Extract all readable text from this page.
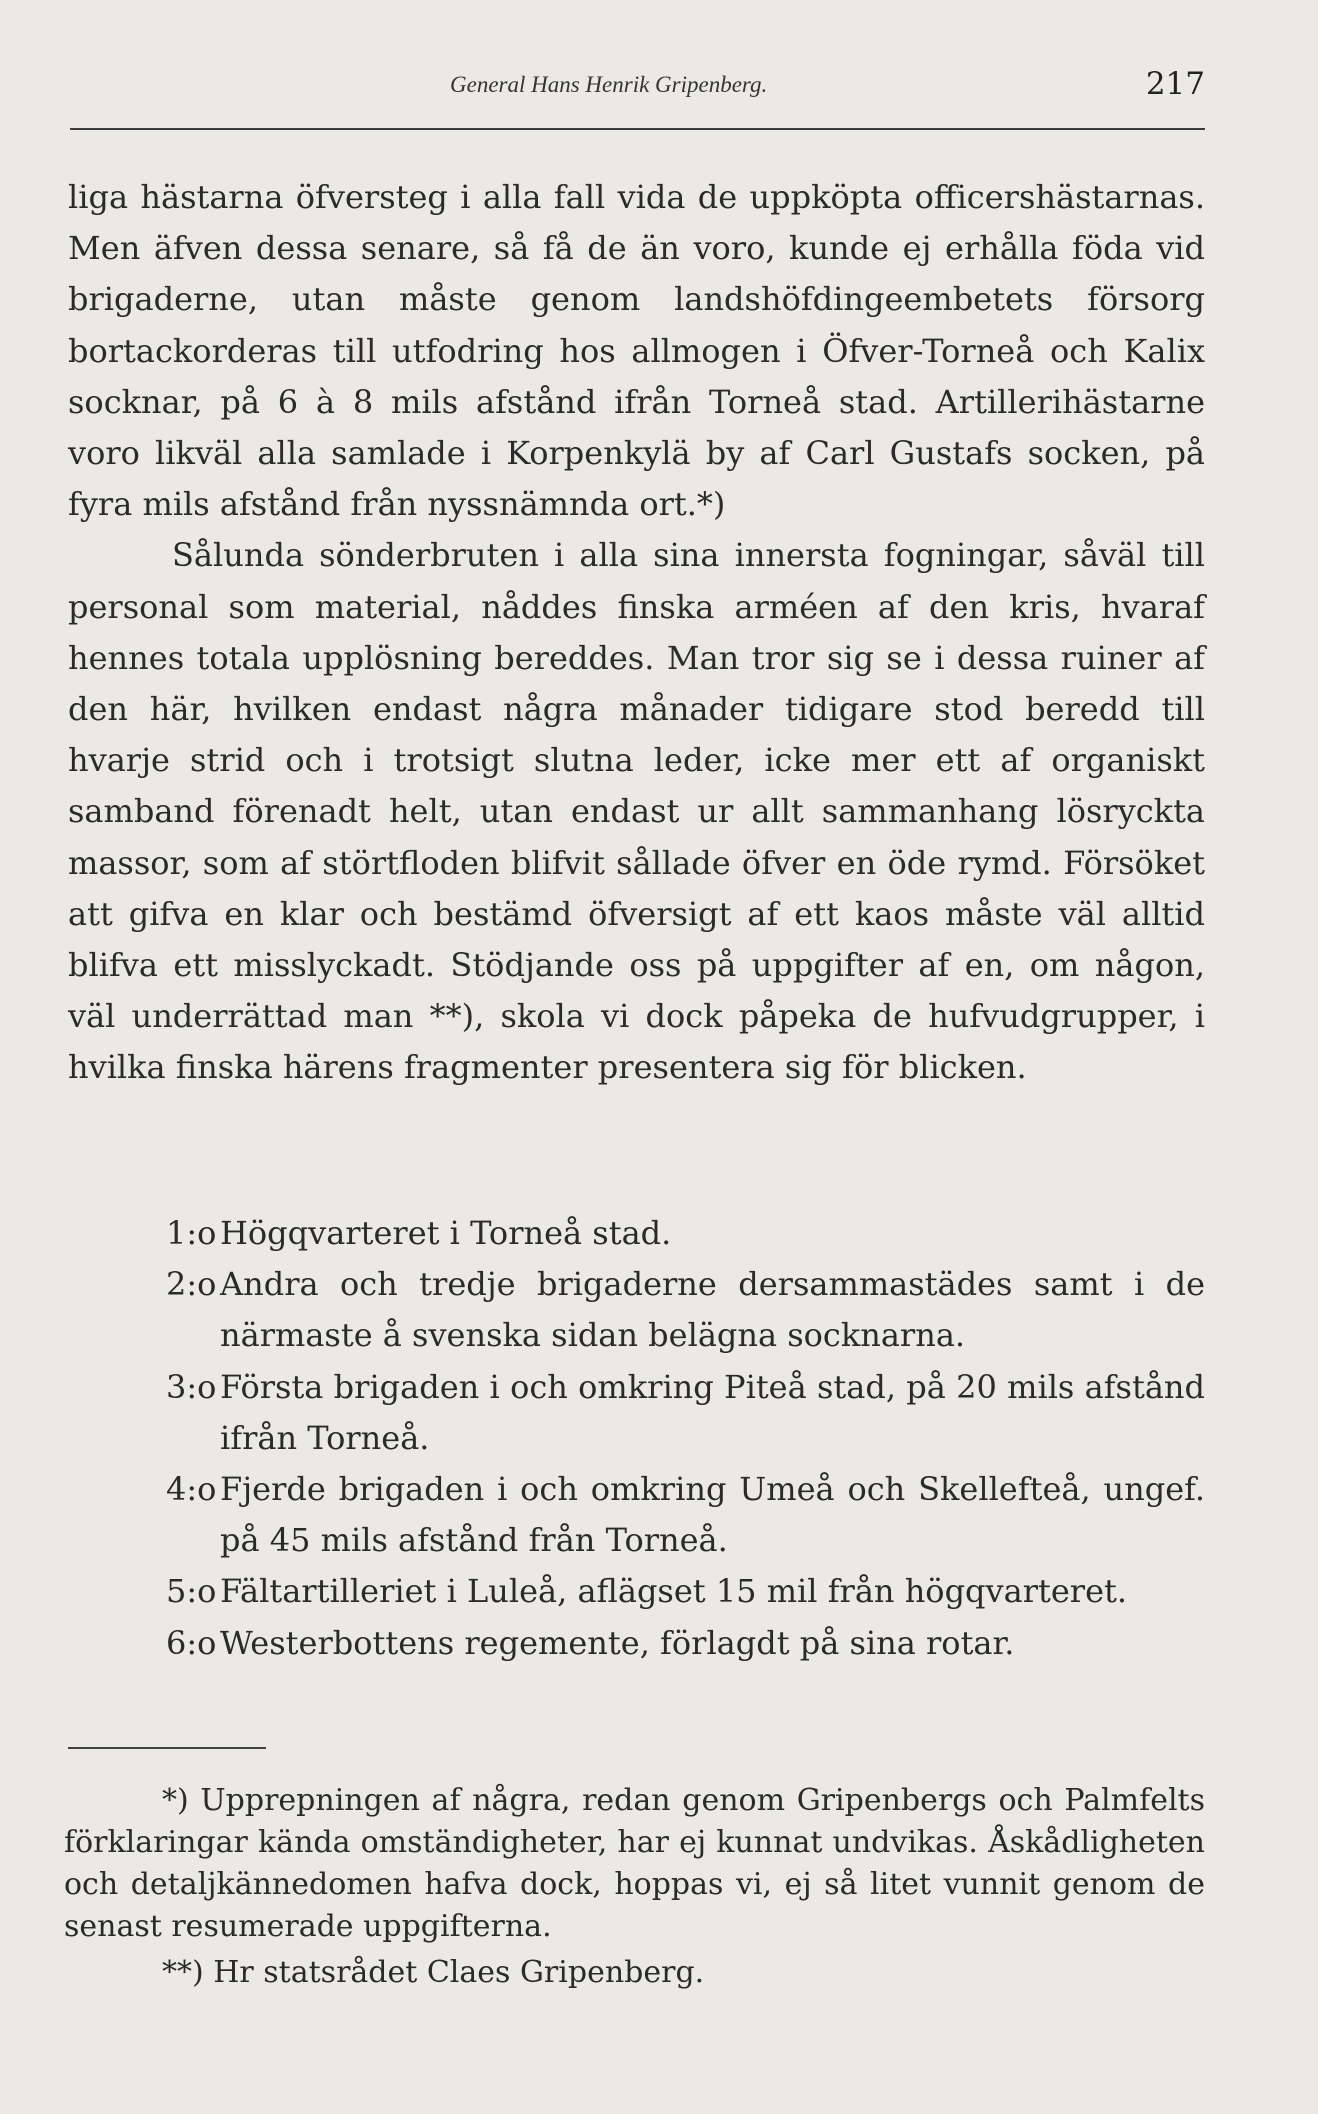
General Hans Henrik Gripenberg.	217

liga hästarna öfversteg i alla fall vida de uppköpta officershästarnas. Men äfven dessa senare, så få de än voro, kunde ej erhålla föda vid brigaderne, utan måste genom landshöfdingeembetets försorg bortackorderas till utfodring hos allmogen i Öfver-Torneå och Kalix socknar, på 6 à 8 mils afstånd ifrån Torneå stad. Artillerihästarne voro likväl alla samlade i Korpenkylä by af Carl Gustafs socken, på fyra mils afstånd från nyssnämnda ort.*)

Sålunda sönderbruten i alla sina innersta fogningar, såväl till personal som material, nåddes finska arméen af den kris, hvaraf hennes totala upplösning bereddes. Man tror sig se i dessa ruiner af den här, hvilken endast några månader tidigare stod beredd till hvarje strid och i trotsigt slutna leder, icke mer ett af organiskt samband förenadt helt, utan endast ur allt sammanhang lösryckta massor, som af störtfloden blifvit sållade öfver en öde rymd. Försöket att gifva en klar och bestämd öfversigt af ett kaos måste väl alltid blifva ett misslyckadt. Stödjande oss på uppgifter af en, om någon, väl underrättad man **), skola vi dock påpeka de hufvudgrupper, i hvilka finska härens fragmenter presentera sig för blicken.

1:o Högqvarteret i Torneå stad.
2:o Andra och tredje brigaderne dersammastädes samt i de närmaste å svenska sidan belägna socknarna.
3:o Första brigaden i och omkring Piteå stad, på 20 mils afstånd ifrån Torneå.
4:o Fjerde brigaden i och omkring Umeå och Skellefteå, ungef. på 45 mils afstånd från Torneå.
5:o Fältartilleriet i Luleå, aflägset 15 mil från högqvarteret.
6:o Westerbottens regemente, förlagdt på sina rotar.

*) Upprepningen af några, redan genom Gripenbergs och Palmfelts förklaringar kända omständigheter, har ej kunnat undvikas. Åskådligheten och detaljkännedomen hafva dock, hoppas vi, ej så litet vunnit genom de senast resumerade uppgifterna.

**) Hr statsrådet Claes Gripenberg.
